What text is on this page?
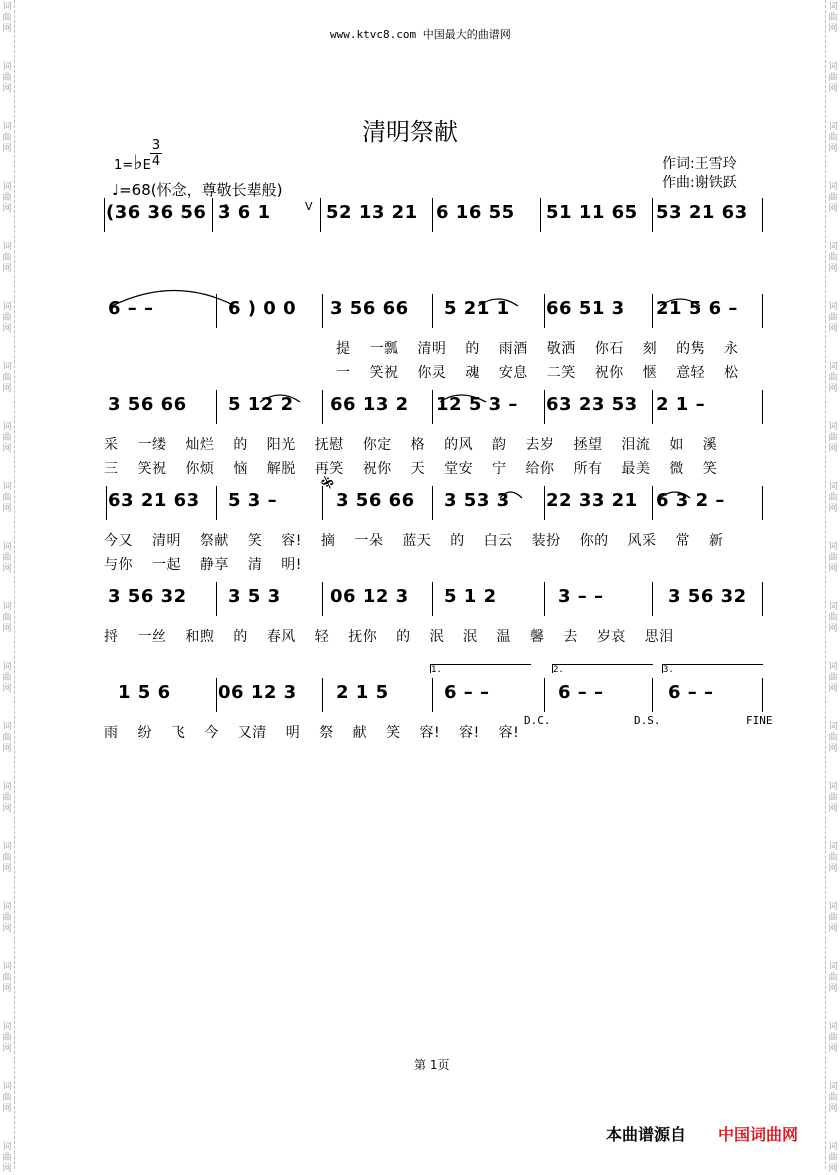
词
曲
网
词
曲
网
词
曲
网
词
曲
网
词
曲
网
词
曲
网
词
曲
网
词
曲
网
词
曲
网
词
曲
网
词
曲
网
词
曲
网
词
曲
网
词
曲
网
词
曲
网
词
曲
网
词
曲
网
词
曲
网
词
曲
网
词
曲
网
词
曲
网
词
曲
网
词
曲
网
词
曲
网
词
曲
网
词
曲
网
词
曲
网
词
曲
网
词
曲
网
词
曲
网
词
曲
网
词
曲
网
词
曲
网
词
曲
网
词
曲
网
词
曲
网
词
曲
网
词
曲
网
词
曲
网
词
曲
网
www.ktvc8.com 中国最大的曲谱网
清明祭献
1=♭E
3
4
♩=68(怀念，尊敬长辈般)
作词:王雪玲
作曲:谢铁跃
V
𝄋
(36 36 56 3̇ 6 1	52 13 21 6 16 55 51 11 65 53 21 63
6 – –	6 ) 0 0 3 56 66 5 21 1 66 51 3 21 5 6 –
提 一瓢 清明 的 雨酒 敬洒 你石 刻 的隽 永
一 笑祝 你灵 魂 安息 二笑 祝你 惬 意轻 松
3 56 66 5 12 2 66 13 2 12 5 3 – 63 23 53 2 1 –
采 一缕 灿烂 的 阳光 抚慰 你定 格 的风 韵 去岁 拯望 泪流 如 溪
三 笑祝 你烦 恼 解脱 再笑 祝你 天 堂安 宁 给你 所有 最美 微 笑
63 21 63 5 3 –	3 56 66 3 53 3 22 33 21 6 3 2 –
今又 清明 祭献 笑 容! 摘 一朵 蓝天 的 白云 装扮 你的 风采 常 新
与你 一起 静享 清 明!
3 56 32 3 5 3	06 12 3 5 1 2	3 – –	3 56 32
捋 一丝 和煦 的 春风 轻 抚你 的 泯 泯 温 馨 去 岁哀 思泪
1 5 6	06 12 3 2 1 5	6 – –	6 – –	6 – –
雨 纷 飞 今 又清 明 祭 献 笑 容! 容! 容!
1.	2.	3.
D.C.	D.S.	FINE
第 1页
本曲谱源自 中国词曲网
